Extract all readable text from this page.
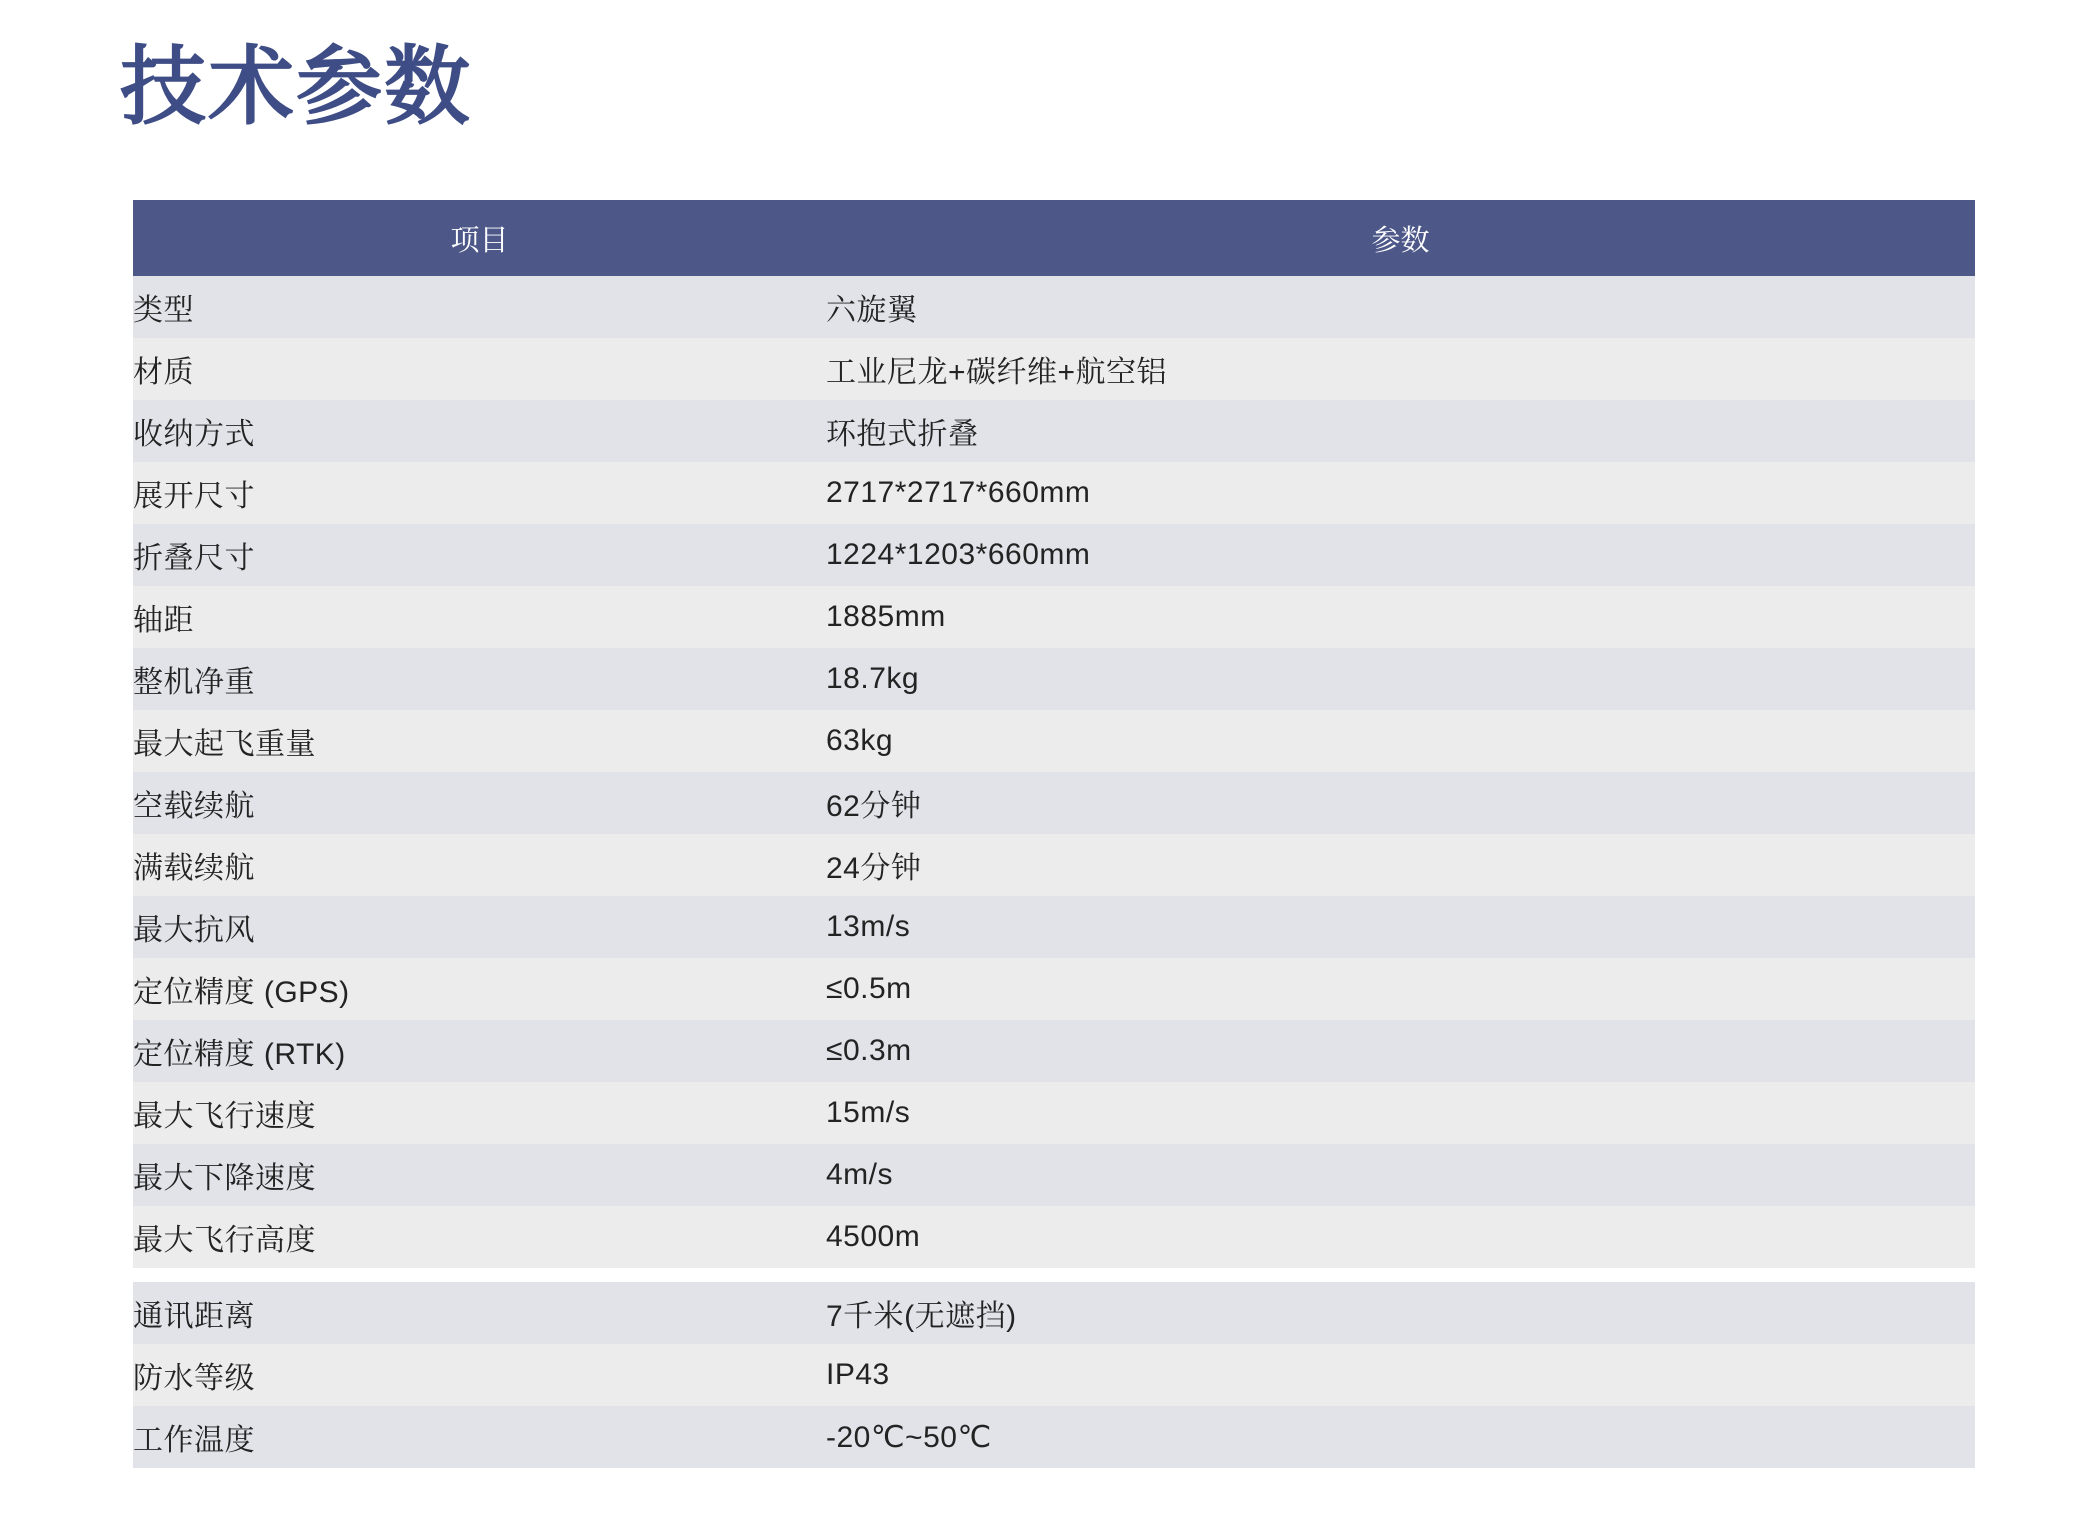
技术参数
项目	参数
类型	六旋翼
材质	工业尼龙+碳纤维+航空铝
收纳方式	环抱式折叠
展开尺寸	2717*2717*660mm
折叠尺寸	1224*1203*660mm
轴距	1885mm
整机净重	18.7kg
最大起飞重量	63kg
空载续航	62分钟
满载续航	24分钟
最大抗风	13m/s
定位精度 (GPS)	≤0.5m
定位精度 (RTK)	≤0.3m
最大飞行速度	15m/s
最大下降速度	4m/s
最大飞行高度	4500m

通讯距离	7千米(无遮挡)
防水等级	IP43
工作温度	-20℃~50℃
